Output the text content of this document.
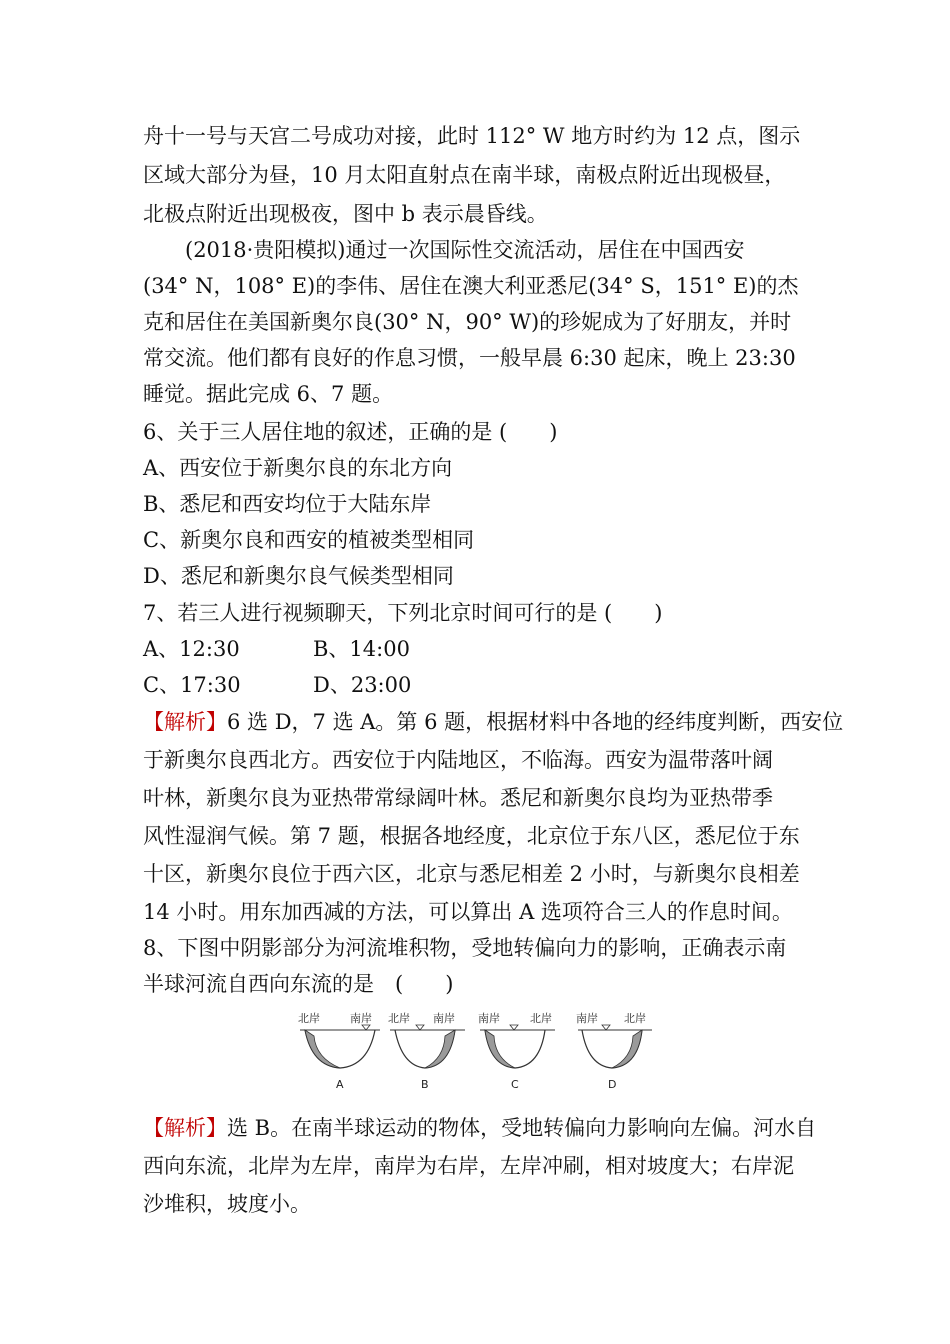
舟十一号与天宫二号成功对接，此时 112° W 地方时约为 12 点，图示
区域大部分为昼，10 月太阳直射点在南半球，南极点附近出现极昼，
北极点附近出现极夜，图中 b 表示晨昏线。
(2018·贵阳模拟)通过一次国际性交流活动，居住在中国西安
(34° N，108° E)的李伟、居住在澳大利亚悉尼(34° S，151° E)的杰
克和居住在美国新奥尔良(30° N，90° W)的珍妮成为了好朋友，并时
常交流。他们都有良好的作息习惯，一般早晨 6:30 起床，晚上 23:30
睡觉。据此完成 6、7 题。
6、关于三人居住地的叙述，正确的是 (　　)
A、西安位于新奥尔良的东北方向
B、悉尼和西安均位于大陆东岸
C、新奥尔良和西安的植被类型相同
D、悉尼和新奥尔良气候类型相同
7、若三人进行视频聊天，下列北京时间可行的是 (　　)
A、12:30	B、14:00
C、17:30	D、23:00
【解析】6 选 D，7 选 A。第 6 题，根据材料中各地的经纬度判断，西安位
于新奥尔良西北方。西安位于内陆地区，不临海。西安为温带落叶阔
叶林，新奥尔良为亚热带常绿阔叶林。悉尼和新奥尔良均为亚热带季
风性湿润气候。第 7 题，根据各地经度，北京位于东八区，悉尼位于东
十区，新奥尔良位于西六区，北京与悉尼相差 2 小时，与新奥尔良相差
14 小时。用东加西减的方法，可以算出 A 选项符合三人的作息时间。
8、下图中阴影部分为河流堆积物，受地转偏向力的影响，正确表示南
半球河流自西向东流的是　(　　)
北岸	南岸
A
北岸 南岸
B
南岸	北岸
C
南岸 北岸
D
【解析】选 B。在南半球运动的物体，受地转偏向力影响向左偏。河水自
西向东流，北岸为左岸，南岸为右岸，左岸冲刷，相对坡度大；右岸泥
沙堆积，坡度小。
